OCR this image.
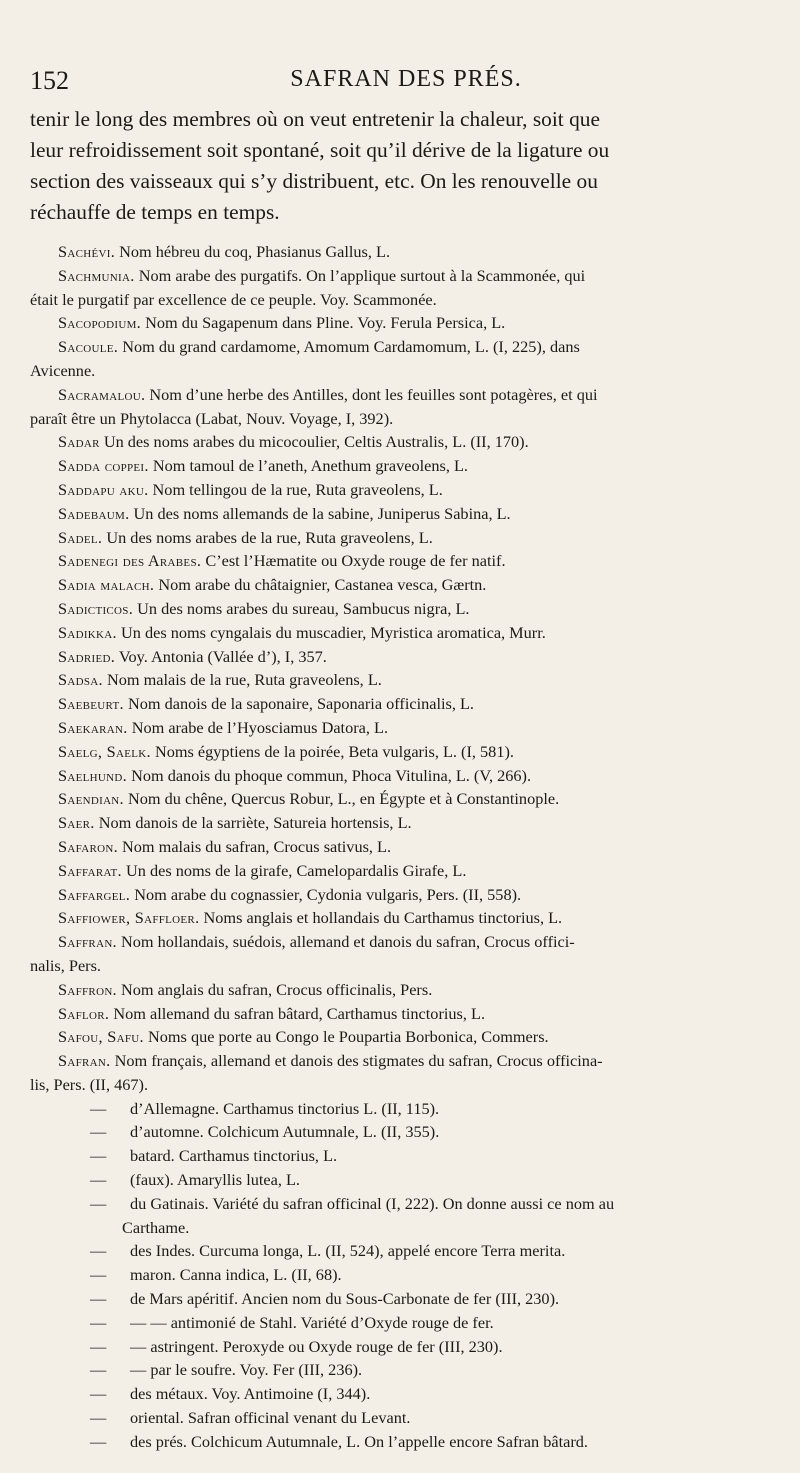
152	SAFRAN DES PRÉS.
tenir le long des membres où on veut entretenir la chaleur, soit que
leur refroidissement soit spontané, soit qu’il dérive de la ligature ou
section des vaisseaux qui s’y distribuent, etc. On les renouvelle ou
réchauffe de temps en temps.

Sachévi. Nom hébreu du coq, Phasianus Gallus, L.

Sachmunia. Nom arabe des purgatifs. On l’applique surtout à la Scammonée, qui
était le purgatif par excellence de ce peuple. Voy. Scammonée.

Sacopodium. Nom du Sagapenum dans Pline. Voy. Ferula Persica, L.

Sacoule. Nom du grand cardamome, Amomum Cardamomum, L. (I, 225), dans
Avicenne.

Sacramalou. Nom d’une herbe des Antilles, dont les feuilles sont potagères, et qui
paraît être un Phytolacca (Labat, Nouv. Voyage, I, 392).

Sadar Un des noms arabes du micocoulier, Celtis Australis, L. (II, 170).

Sadda coppei. Nom tamoul de l’aneth, Anethum graveolens, L.

Saddapu aku. Nom tellingou de la rue, Ruta graveolens, L.

Sadebaum. Un des noms allemands de la sabine, Juniperus Sabina, L.

Sadel. Un des noms arabes de la rue, Ruta graveolens, L.

Sadenegi des Arabes. C’est l’Hæmatite ou Oxyde rouge de fer natif.

Sadia malach. Nom arabe du châtaignier, Castanea vesca, Gærtn.

Sadicticos. Un des noms arabes du sureau, Sambucus nigra, L.

Sadikka. Un des noms cyngalais du muscadier, Myristica aromatica, Murr.

Sadried. Voy. Antonia (Vallée d’), I, 357.

Sadsa. Nom malais de la rue, Ruta graveolens, L.

Saebeurt. Nom danois de la saponaire, Saponaria officinalis, L.

Saekaran. Nom arabe de l’Hyosciamus Datora, L.

Saelg, Saelk. Noms égyptiens de la poirée, Beta vulgaris, L. (I, 581).

Saelhund. Nom danois du phoque commun, Phoca Vitulina, L. (V, 266).

Saendian. Nom du chêne, Quercus Robur, L., en Égypte et à Constantinople.

Saer. Nom danois de la sarriète, Satureia hortensis, L.

Safaron. Nom malais du safran, Crocus sativus, L.

Saffarat. Un des noms de la girafe, Camelopardalis Girafe, L.

Saffargel. Nom arabe du cognassier, Cydonia vulgaris, Pers. (II, 558).

Saffiower, Saffloer. Noms anglais et hollandais du Carthamus tinctorius, L.

Saffran. Nom hollandais, suédois, allemand et danois du safran, Crocus offici-
nalis, Pers.

Saffron. Nom anglais du safran, Crocus officinalis, Pers.

Saflor. Nom allemand du safran bâtard, Carthamus tinctorius, L.

Safou, Safu. Noms que porte au Congo le Poupartia Borbonica, Commers.

Safran. Nom français, allemand et danois des stigmates du safran, Crocus officina-
lis, Pers. (II, 467).

— d’Allemagne. Carthamus tinctorius L. (II, 115).
— d’automne. Colchicum Autumnale, L. (II, 355).
— batard. Carthamus tinctorius, L.
— (faux). Amaryllis lutea, L.
— du Gatinais. Variété du safran officinal (I, 222). On donne aussi ce nom au
Carthame.
— des Indes. Curcuma longa, L. (II, 524), appelé encore Terra merita.
— maron. Canna indica, L. (II, 68).
— de Mars apéritif. Ancien nom du Sous-Carbonate de fer (III, 230).
— — — antimonié de Stahl. Variété d’Oxyde rouge de fer.
— — astringent. Peroxyde ou Oxyde rouge de fer (III, 230).
— — par le soufre. Voy. Fer (III, 236).
— des métaux. Voy. Antimoine (I, 344).
— oriental. Safran officinal venant du Levant.
— des prés. Colchicum Autumnale, L. On l’appelle encore Safran bâtard.
